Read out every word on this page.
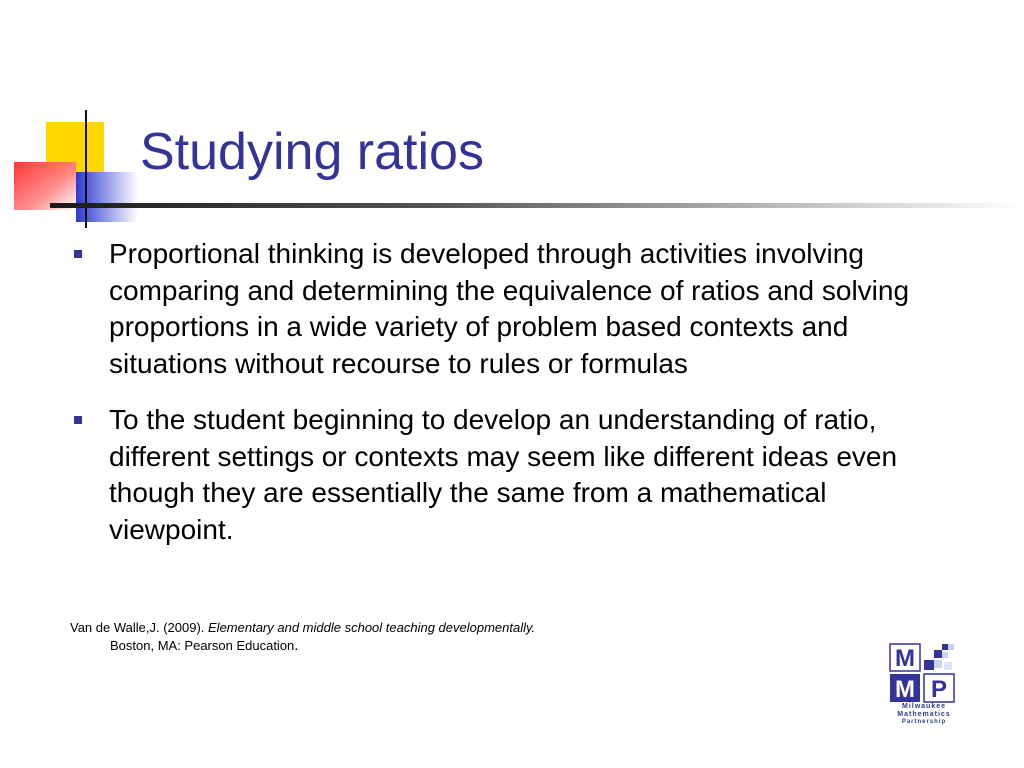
Studying ratios
Proportional thinking is developed through activities involving comparing and determining the equivalence of ratios and solving proportions in a wide variety of problem based contexts and situations without recourse to rules or formulas
To the student beginning to develop an understanding of ratio, different settings or contexts may seem like different ideas even though they are essentially the same from a mathematical viewpoint.
Van de Walle,J. (2009). Elementary and middle school teaching developmentally.
Boston, MA: Pearson Education.	M
M P
Milwaukee
Mathematics
Partnership
